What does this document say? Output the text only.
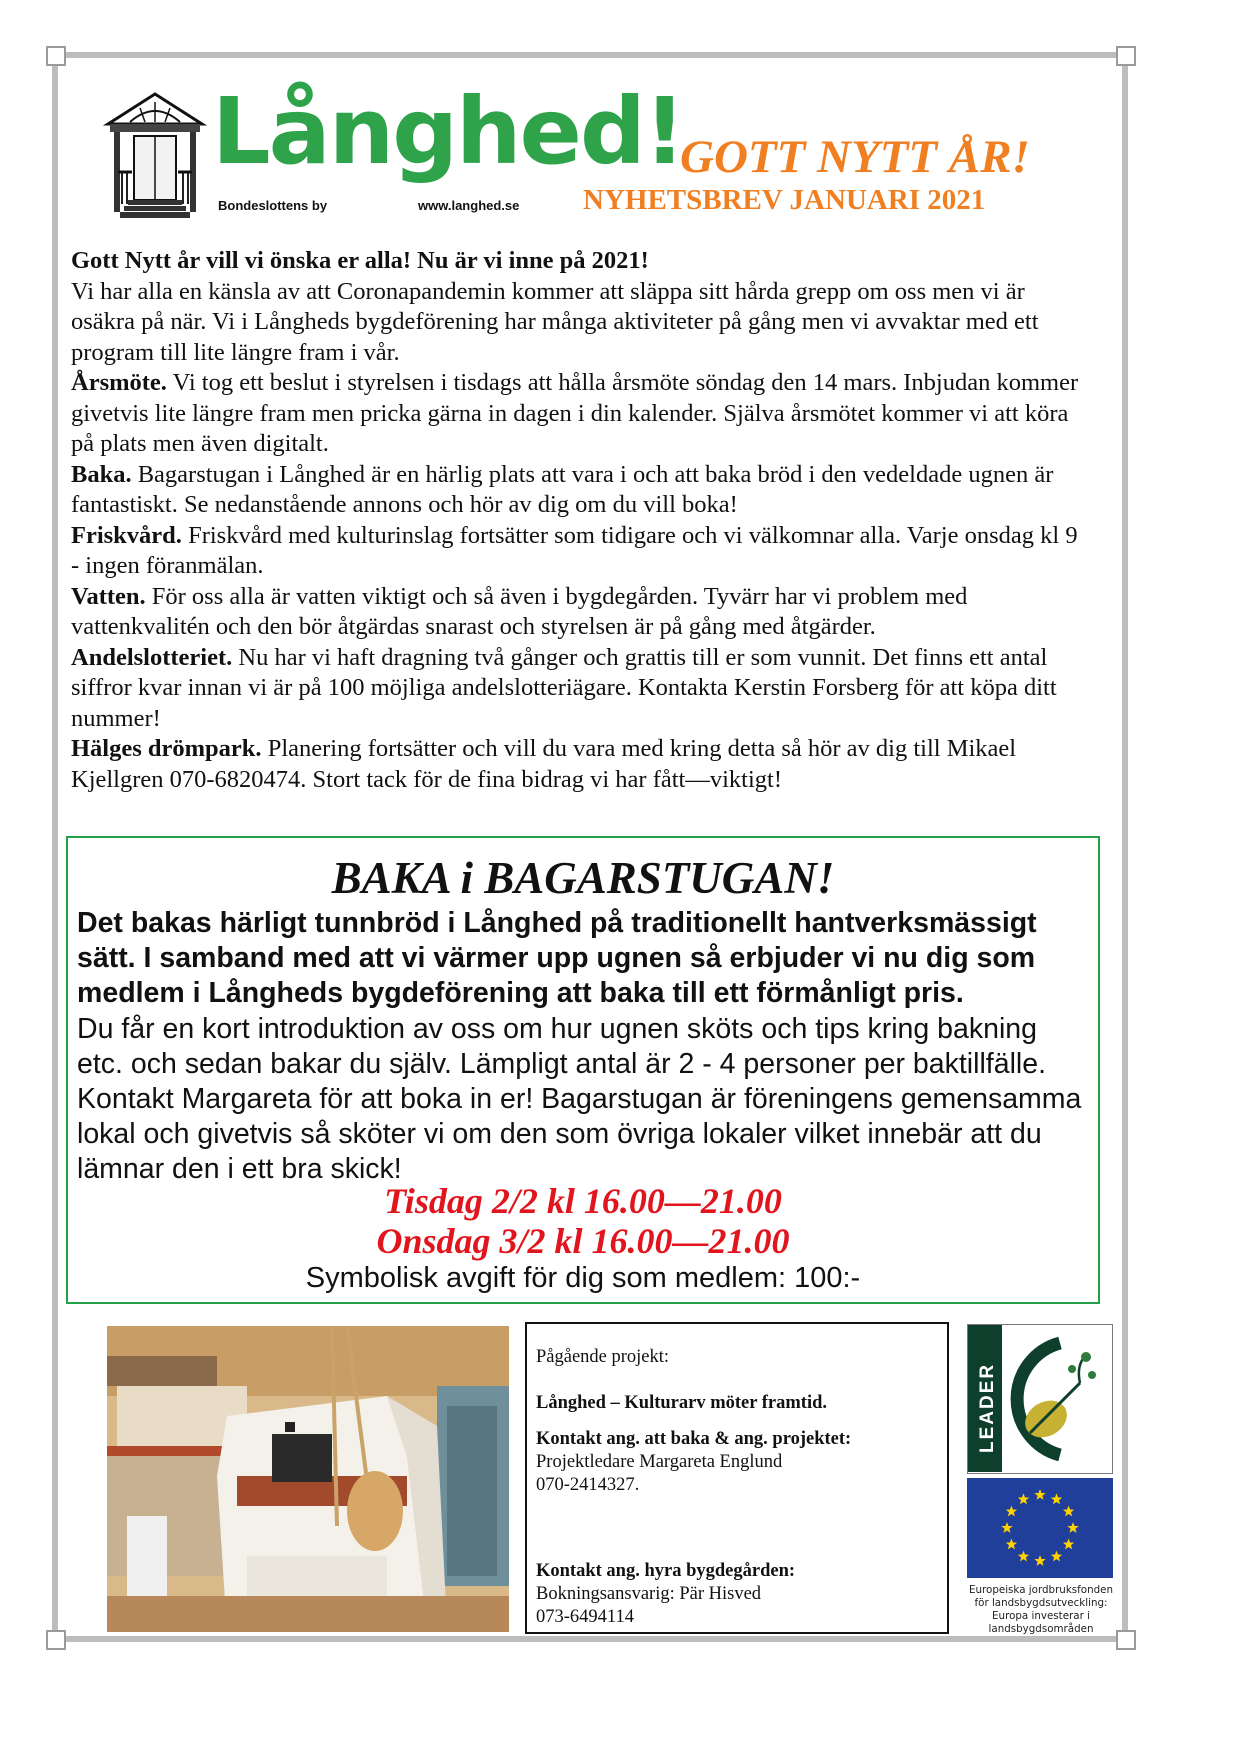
Långhed!
Bondeslottens by	www.langhed.se
GOTT NYTT ÅR!
NYHETSBREV JANUARI 2021

Gott Nytt år vill vi önska er alla! Nu är vi inne på 2021!
Vi har alla en känsla av att Coronapandemin kommer att släppa sitt hårda grepp om oss men vi är osäkra på när. Vi i Långheds bygdeförening har många aktiviteter på gång men vi avvaktar med ett program till lite längre fram i vår.

Årsmöte. Vi tog ett beslut i styrelsen i tisdags att hålla årsmöte söndag den 14 mars. Inbjudan kommer givetvis lite längre fram men pricka gärna in dagen i din kalender. Själva årsmötet kommer vi att köra på plats men även digitalt.

Baka. Bagarstugan i Långhed är en härlig plats att vara i och att baka bröd i den vedeldade ugnen är fantastiskt. Se nedanstående annons och hör av dig om du vill boka!

Friskvård. Friskvård med kulturinslag fortsätter som tidigare och vi välkomnar alla. Varje onsdag kl 9 - ingen föranmälan.

Vatten. För oss alla är vatten viktigt och så även i bygdegården. Tyvärr har vi problem med vattenkvalitén och den bör åtgärdas snarast och styrelsen är på gång med åtgärder.

Andelslotteriet. Nu har vi haft dragning två gånger och grattis till er som vunnit. Det finns ett antal siffror kvar innan vi är på 100 möjliga andelslotteriägare. Kontakta Kerstin Forsberg för att köpa ditt nummer!

Hälges drömpark. Planering fortsätter och vill du vara med kring detta så hör av dig till Mikael Kjellgren 070-6820474. Stort tack för de fina bidrag vi har fått—viktigt!

BAKA i BAGARSTUGAN!
Det bakas härligt tunnbröd i Långhed på traditionellt hantverksmässigt sätt. I samband med att vi värmer upp ugnen så erbjuder vi nu dig som medlem i Långheds bygdeförening att baka till ett förmånligt pris.
Du får en kort introduktion av oss om hur ugnen sköts och tips kring bakning etc. och sedan bakar du själv. Lämpligt antal är 2 - 4 personer per baktillfälle. Kontakt Margareta för att boka in er! Bagarstugan är föreningens gemensamma lokal och givetvis så sköter vi om den som övriga lokaler vilket innebär att du lämnar den i ett bra skick!
Tisdag 2/2 kl 16.00—21.00
Onsdag 3/2 kl 16.00—21.00
Symbolisk avgift för dig som medlem: 100:-
Pågående projekt:
Långhed – Kulturarv möter framtid.
Kontakt ang. att baka & ang. projektet:
Projektledare Margareta Englund
070-2414327.
Kontakt ang. hyra bygdegården:
Bokningsansvarig: Pär Hisved
073-6494114
LEADER
Europeiska jordbruksfonden för landsbygdsutveckling: Europa investerar i landsbygdsområden
